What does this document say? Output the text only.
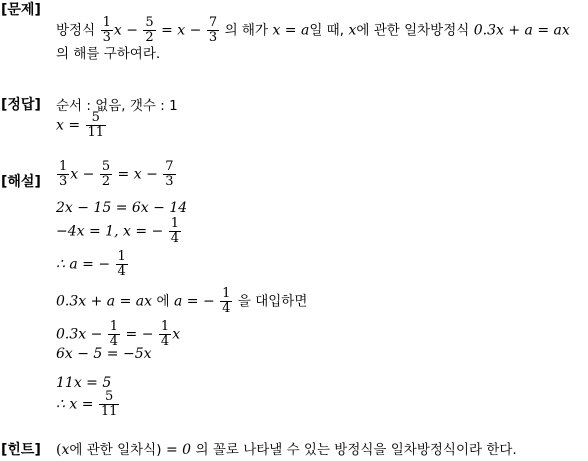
[문제]
방정식 $\frac{1}{3}$ $x - \frac{5}{2} = x - \frac{7}{3}$ 의 해가 x = a일 때, x에 관한 일차방정식 0.3x + a = ax
의 해를 구하여라.
[정답] 순서 : 없음, 갯수 : 1
$x = \frac{5}{11}$
[해설] $\frac{1}{3}$ $x - \frac{5}{2} = x - \frac{7}{3}$
2x − 15 = 6x − 14
−4x = 1, x = − $\frac{1}{4}$
∴ a = − $\frac{1}{4}$
0.3x + a = ax 에 a = − $\frac{1}{4}$ 을 대입하면
$0.3x - \frac{1}{4}$ = − $\frac{1}{4}$ x
6x − 5 = −5x
11x = 5
∴ $x = \frac{5}{11}$
[힌트] (x에 관한 일차식) = 0 의 꼴로 나타낼 수 있는 방정식을 일차방정식이라 한다.
